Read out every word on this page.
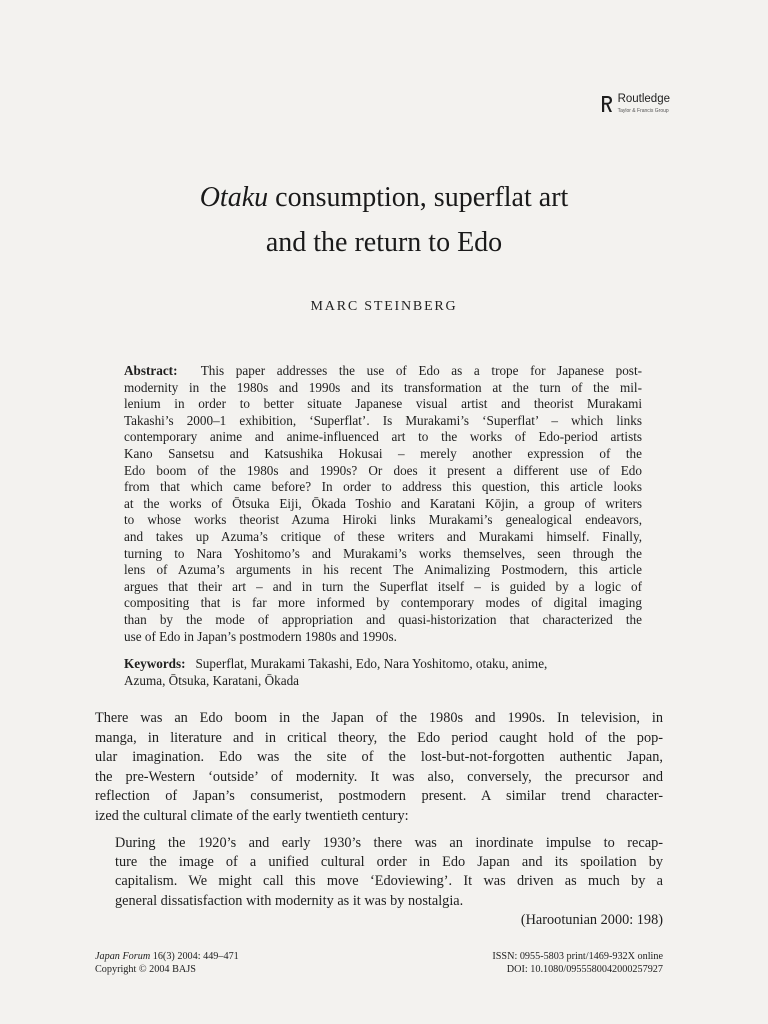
Routledge
Taylor & Francis Group
Otaku consumption, superflat art
and the return to Edo
MARC STEINBERG
Abstract: This paper addresses the use of Edo as a trope for Japanese post-
modernity in the 1980s and 1990s and its transformation at the turn of the mil-
lenium in order to better situate Japanese visual artist and theorist Murakami
Takashi’s 2000–1 exhibition, ‘Superflat’. Is Murakami’s ‘Superflat’ – which links
contemporary anime and anime-influenced art to the works of Edo-period artists
Kano Sansetsu and Katsushika Hokusai – merely another expression of the
Edo boom of the 1980s and 1990s? Or does it present a different use of Edo
from that which came before? In order to address this question, this article looks
at the works of Ōtsuka Eiji, Ōkada Toshio and Karatani Kōjin, a group of writers
to whose works theorist Azuma Hiroki links Murakami’s genealogical endeavors,
and takes up Azuma’s critique of these writers and Murakami himself. Finally,
turning to Nara Yoshitomo’s and Murakami’s works themselves, seen through the
lens of Azuma’s arguments in his recent The Animalizing Postmodern, this article
argues that their art – and in turn the Superflat itself – is guided by a logic of
compositing that is far more informed by contemporary modes of digital imaging
than by the mode of appropriation and quasi-historization that characterized the
use of Edo in Japan’s postmodern 1980s and 1990s.
Keywords: Superflat, Murakami Takashi, Edo, Nara Yoshitomo, otaku, anime,
Azuma, Ōtsuka, Karatani, Ōkada
There was an Edo boom in the Japan of the 1980s and 1990s. In television, in
manga, in literature and in critical theory, the Edo period caught hold of the pop-
ular imagination. Edo was the site of the lost-but-not-forgotten authentic Japan,
the pre-Western ‘outside’ of modernity. It was also, conversely, the precursor and
reflection of Japan’s consumerist, postmodern present. A similar trend character-
ized the cultural climate of the early twentieth century:
During the 1920’s and early 1930’s there was an inordinate impulse to recap-
ture the image of a unified cultural order in Edo Japan and its spoilation by
capitalism. We might call this move ‘Edoviewing’. It was driven as much by a
general dissatisfaction with modernity as it was by nostalgia.
(Harootunian 2000: 198)
Japan Forum 16(3) 2004: 449–471
Copyright © 2004 BAJS
ISSN: 0955-5803 print/1469-932X online
DOI: 10.1080/0955580042000257927
